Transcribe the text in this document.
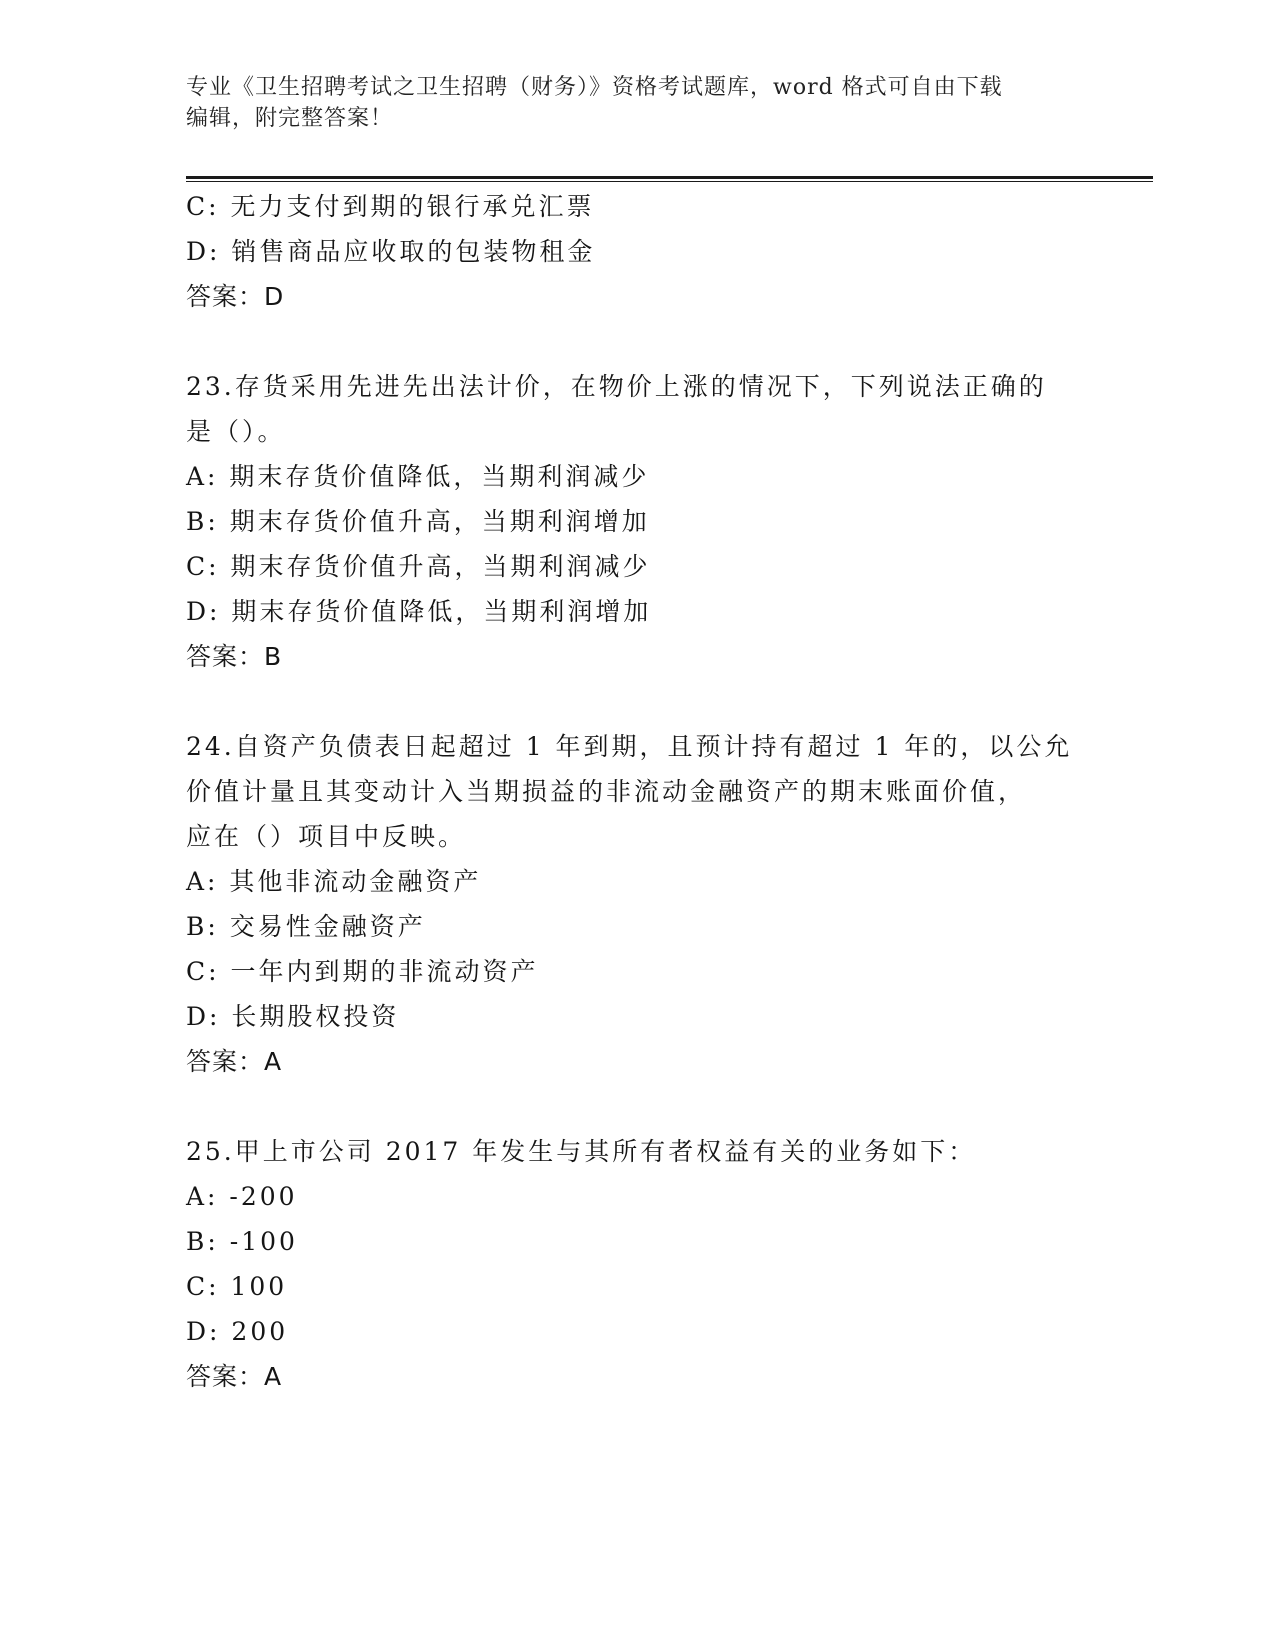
专业《卫生招聘考试之卫生招聘（财务）》资格考试题库，word 格式可自由下载
编辑，附完整答案！
C: 无力支付到期的银行承兑汇票
D: 销售商品应收取的包装物租金
答案：D
23.存货采用先进先出法计价，在物价上涨的情况下，下列说法正确的
是（）。
A: 期末存货价值降低，当期利润减少
B: 期末存货价值升高，当期利润增加
C: 期末存货价值升高，当期利润减少
D: 期末存货价值降低，当期利润增加
答案：B
24.自资产负债表日起超过 1 年到期，且预计持有超过 1 年的，以公允
价值计量且其变动计入当期损益的非流动金融资产的期末账面价值，
应在（）项目中反映。
A: 其他非流动金融资产
B: 交易性金融资产
C: 一年内到期的非流动资产
D: 长期股权投资
答案：A
25.甲上市公司 2017 年发生与其所有者权益有关的业务如下：
A: -200
B: -100
C: 100
D: 200
答案：A
